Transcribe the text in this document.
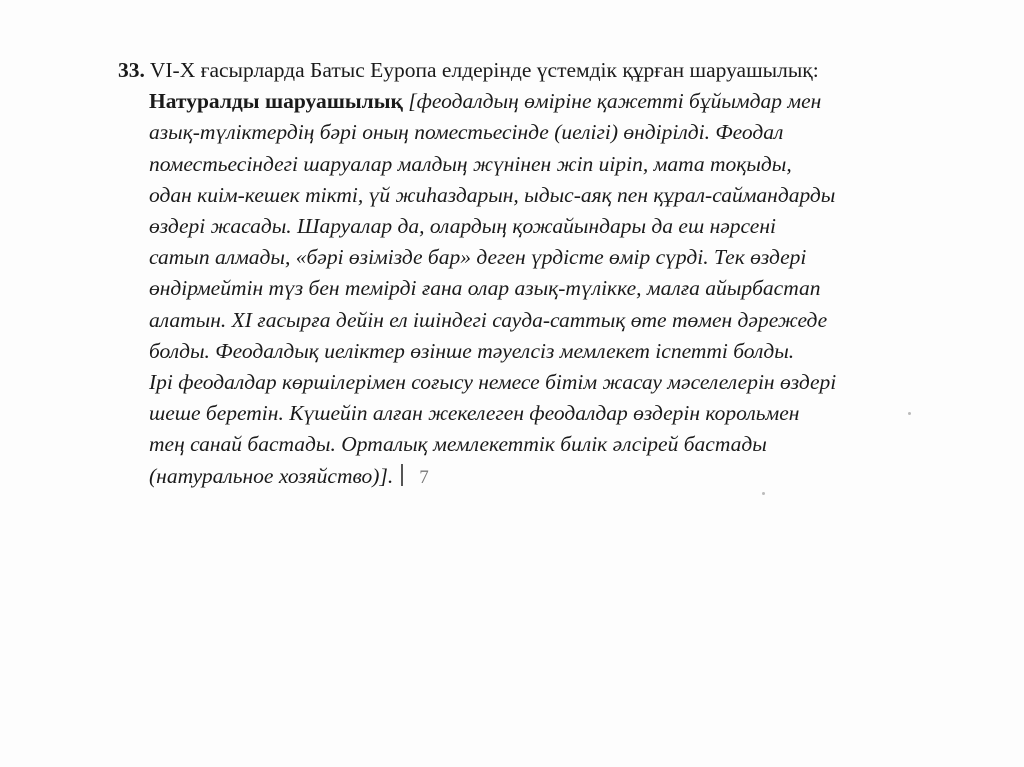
33. VI-X ғасырларда Батыс Еуропа елдерінде үстемдік құрған шаруашылық:
Натуралды шаруашылық [феодалдың өміріне қажетті бұйымдар мен
азық-түліктердің бәрі оның поместьесінде (иелігі) өндірілді. Феодал
поместьесіндегі шаруалар малдың жүнінен жіп иіріп, мата тоқыды,
одан киім-кешек тікті, үй жиһаздарын, ыдыс-аяқ пен құрал-саймандарды
өздері жасады. Шаруалар да, олардың қожайындары да еш нәрсені
сатып алмады, «бәрі өзімізде бар» деген үрдісте өмір сүрді. Тек өздері
өндірмейтін түз бен темірді ғана олар азық-түлікке, малға айырбастап
алатын. XI ғасырға дейін ел ішіндегі сауда-саттық өте төмен дәрежеде
болды. Феодалдық иеліктер өзінше тәуелсіз мемлекет іспетті болды.
Ірі феодалдар көршілерімен соғысу немесе бітім жасау мәселелерін өздері
шеше беретін. Күшейіп алған жекелеген феодалдар өздерін корольмен
тең санай бастады. Орталық мемлекеттік билік әлсірей бастады
(натуральное хозяйство)]. 7
